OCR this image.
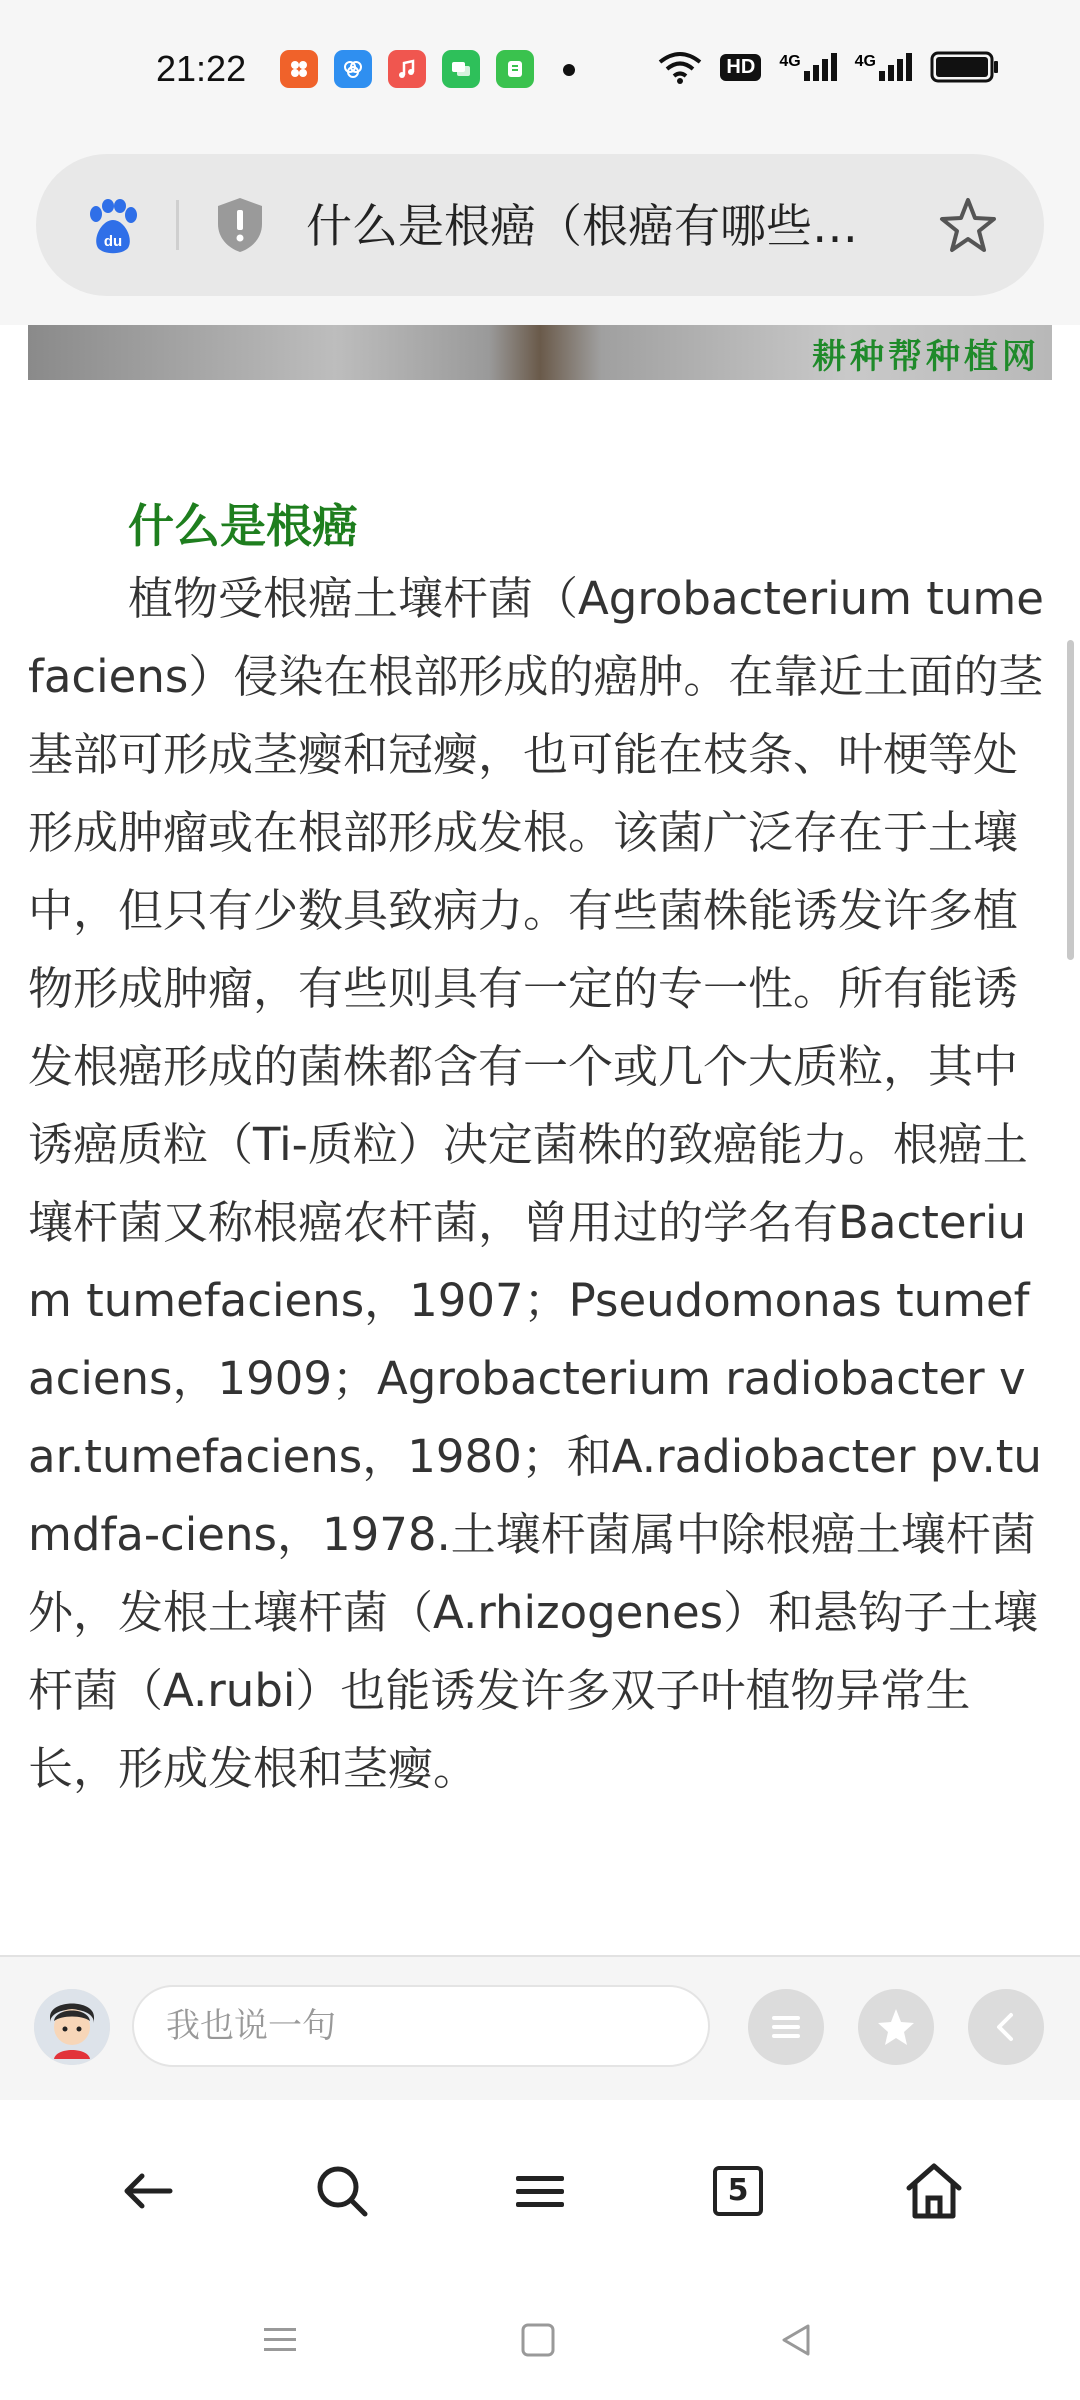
21:22	HD	4G	4G
du	什么是根癌（根癌有哪些…
耕种帮种植网
什么是根癌
植物受根癌土壤杆菌（Agrobacterium tumefaciens）侵染在根部形成的癌肿。在靠近土面的茎基部可形成茎瘿和冠瘿，也可能在枝条、叶梗等处形成肿瘤或在根部形成发根。该菌广泛存在于土壤中，但只有少数具致病力。有些菌株能诱发许多植物形成肿瘤，有些则具有一定的专一性。所有能诱发根癌形成的菌株都含有一个或几个大质粒，其中诱癌质粒（Ti-质粒）决定菌株的致癌能力。根癌土壤杆菌又称根癌农杆菌，曾用过的学名有Bacterium tumefaciens，1907；Pseudomonas tumefaciens，1909；Agrobacterium radiobacter var.tumefaciens，1980；和A.radiobacter pv.tumdfa-ciens，1978.土壤杆菌属中除根癌土壤杆菌外，发根土壤杆菌（A.rhizogenes）和悬钩子土壤杆菌（A.rubi）也能诱发许多双子叶植物异常生长，形成发根和茎瘿。
我也说一句
5
